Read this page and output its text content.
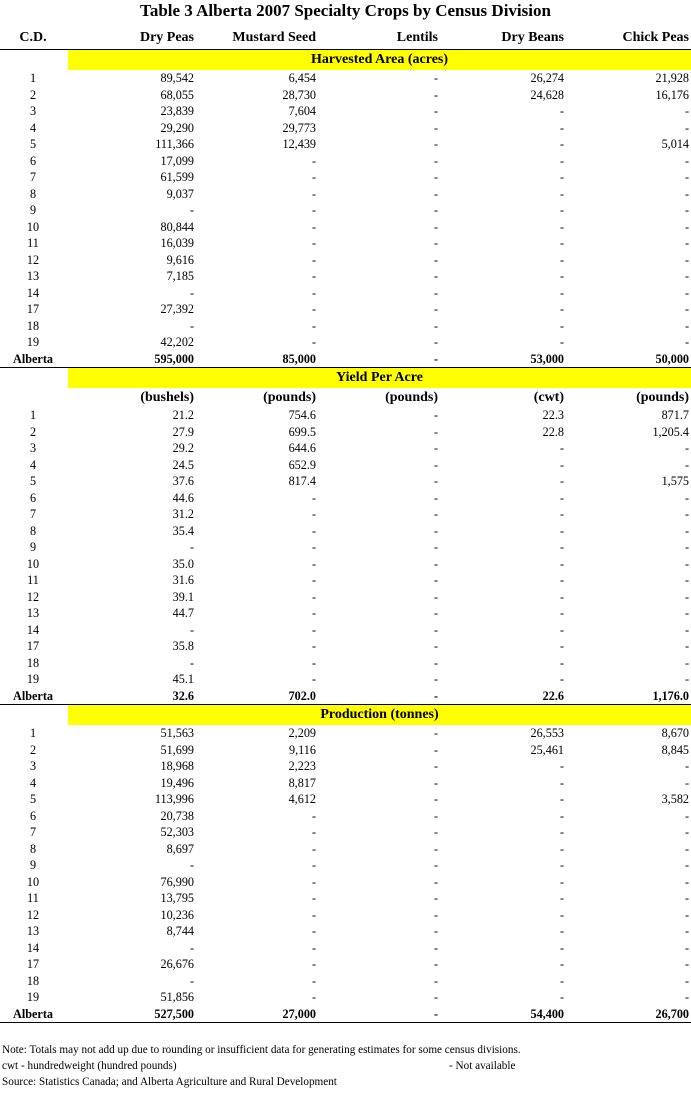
Table 3 Alberta 2007 Specialty Crops by Census Division
C.D.	Dry Peas	Mustard Seed	Lentils	Dry Beans	Chick Peas
	Harvested Area (acres)				
1	89,542	6,454	-	26,274	21,928
2	68,055	28,730	-	24,628	16,176
3	23,839	7,604	-	-	-
4	29,290	29,773	-	-	-
5	111,366	12,439	-	-	5,014
6	17,099	-	-	-	-
7	61,599	-	-	-	-
8	9,037	-	-	-	-
9	-	-	-	-	-
10	80,844	-	-	-	-
11	16,039	-	-	-	-
12	9,616	-	-	-	-
13	7,185	-	-	-	-
14	-	-	-	-	-
17	27,392	-	-	-	-
18	-	-	-	-	-
19	42,202	-	-	-	-
Alberta	595,000	85,000	-	53,000	50,000
	Yield Per Acre				
	(bushels)	(pounds)	(pounds)	(cwt)	(pounds)
1	21.2	754.6	-	22.3	871.7
2	27.9	699.5	-	22.8	1,205.4
3	29.2	644.6	-	-	-
4	24.5	652.9	-	-	-
5	37.6	817.4	-	-	1,575
6	44.6	-	-	-	-
7	31.2	-	-	-	-
8	35.4	-	-	-	-
9	-	-	-	-	-
10	35.0	-	-	-	-
11	31.6	-	-	-	-
12	39.1	-	-	-	-
13	44.7	-	-	-	-
14	-	-	-	-	-
17	35.8	-	-	-	-
18	-	-	-	-	-
19	45.1	-	-	-	-
Alberta	32.6	702.0	-	22.6	1,176.0
	Production (tonnes)				
1	51,563	2,209	-	26,553	8,670
2	51,699	9,116	-	25,461	8,845
3	18,968	2,223	-	-	-
4	19,496	8,817	-	-	-
5	113,996	4,612	-	-	3,582
6	20,738	-	-	-	-
7	52,303	-	-	-	-
8	8,697	-	-	-	-
9	-	-	-	-	-
10	76,990	-	-	-	-
11	13,795	-	-	-	-
12	10,236	-	-	-	-
13	8,744	-	-	-	-
14	-	-	-	-	-
17	26,676	-	-	-	-
18	-	-	-	-	-
19	51,856	-	-	-	-
Alberta	527,500	27,000	-	54,400	26,700
Note: Totals may not add up due to rounding or insufficient data for generating estimates for some census divisions.
cwt - hundredweight (hundred pounds)	- Not available
Source: Statistics Canada; and Alberta Agriculture and Rural Development
